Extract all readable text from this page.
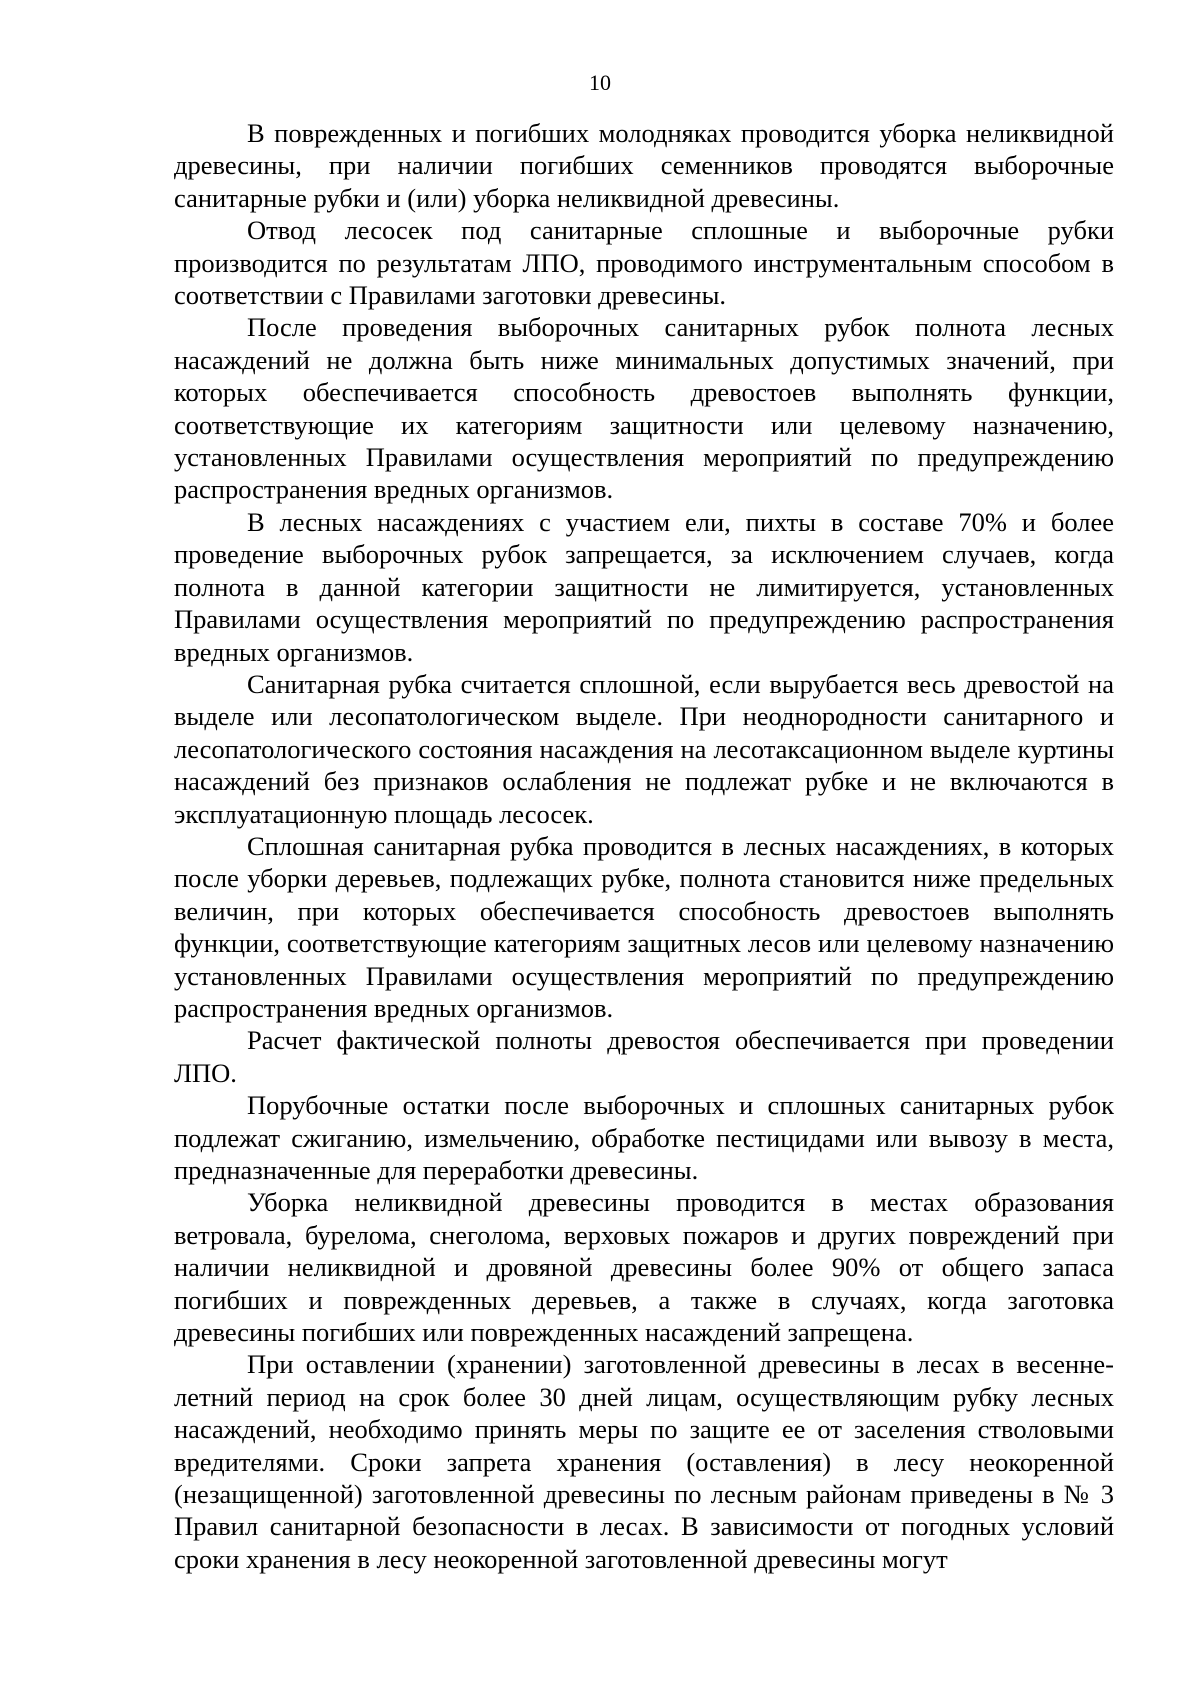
10

В поврежденных и погибших молодняках проводится уборка неликвидной древесины, при наличии погибших семенников проводятся выборочные санитарные рубки и (или) уборка неликвидной древесины.

Отвод лесосек под санитарные сплошные и выборочные рубки производится по результатам ЛПО, проводимого инструментальным способом в соответствии с Правилами заготовки древесины.

После проведения выборочных санитарных рубок полнота лесных насаждений не должна быть ниже минимальных допустимых значений, при которых обеспечивается способность древостоев выполнять функции, соответствующие их категориям защитности или целевому назначению, установленных Правилами осуществления мероприятий по предупреждению распространения вредных организмов.

В лесных насаждениях с участием ели, пихты в составе 70% и более проведение выборочных рубок запрещается, за исключением случаев, когда полнота в данной категории защитности не лимитируется, установленных Правилами осуществления мероприятий по предупреждению распространения вредных организмов.

Санитарная рубка считается сплошной, если вырубается весь древостой на выделе или лесопатологическом выделе. При неоднородности санитарного и лесопатологического состояния насаждения на лесотаксационном выделе куртины насаждений без признаков ослабления не подлежат рубке и не включаются в эксплуатационную площадь лесосек.

Сплошная санитарная рубка проводится в лесных насаждениях, в которых после уборки деревьев, подлежащих рубке, полнота становится ниже предельных величин, при которых обеспечивается способность древостоев выполнять функции, соответствующие категориям защитных лесов или целевому назначению установленных Правилами осуществления мероприятий по предупреждению распространения вредных организмов.

Расчет фактической полноты древостоя обеспечивается при проведении ЛПО.

Порубочные остатки после выборочных и сплошных санитарных рубок подлежат сжиганию, измельчению, обработке пестицидами или вывозу в места, предназначенные для переработки древесины.

Уборка неликвидной древесины проводится в местах образования ветровала, бурелома, снеголома, верховых пожаров и других повреждений при наличии неликвидной и дровяной древесины более 90% от общего запаса погибших и поврежденных деревьев, а также в случаях, когда заготовка древесины погибших или поврежденных насаждений запрещена.

При оставлении (хранении) заготовленной древесины в лесах в весенне-летний период на срок более 30 дней лицам, осуществляющим рубку лесных насаждений, необходимо принять меры по защите ее от заселения стволовыми вредителями. Сроки запрета хранения (оставления) в лесу неокоренной (незащищенной) заготовленной древесины по лесным районам приведены в № 3 Правил санитарной безопасности в лесах. В зависимости от погодных условий сроки хранения в лесу неокоренной заготовленной древесины могут
